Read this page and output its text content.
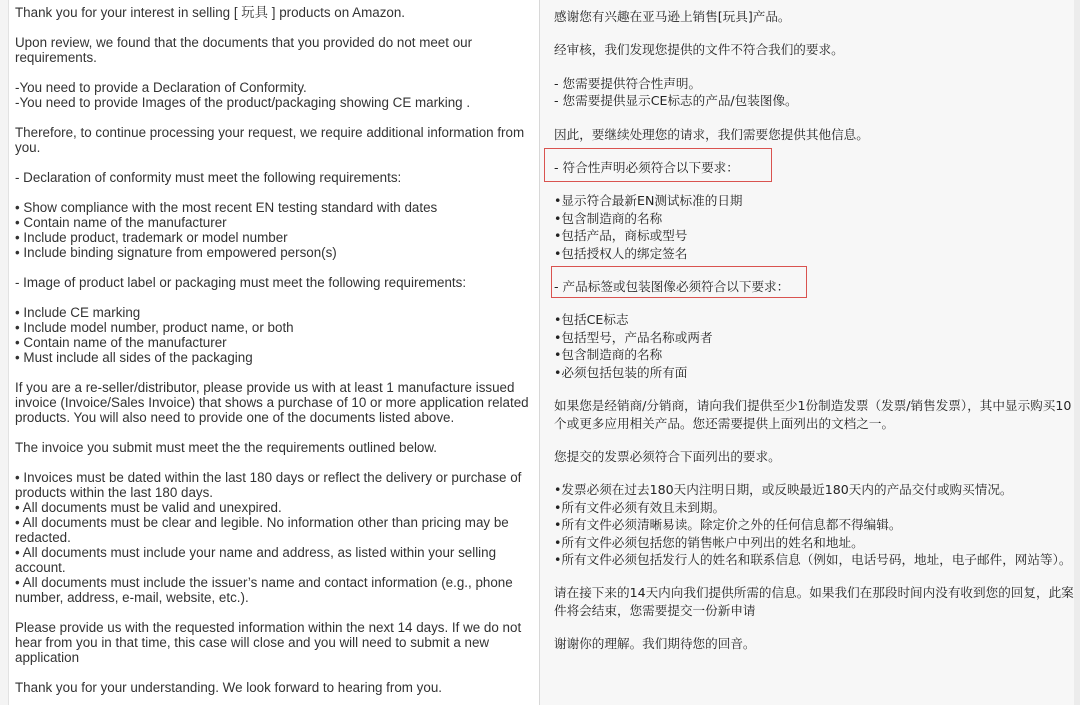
Thank you for your interest in selling [ 玩具 ] products on Amazon.
Upon review, we found that the documents that you provided do not meet our requirements.
-You need to provide a Declaration of Conformity.
-You need to provide Images of the product/packaging showing CE marking .
Therefore, to continue processing your request, we require additional information from you.
- Declaration of conformity must meet the following requirements:
• Show compliance with the most recent EN testing standard with dates
• Contain name of the manufacturer
• Include product, trademark or model number
• Include binding signature from empowered person(s)
- Image of product label or packaging must meet the following requirements:
• Include CE marking
• Include model number, product name, or both
• Contain name of the manufacturer
• Must include all sides of the packaging
If you are a re-seller/distributor, please provide us with at least 1 manufacture issued invoice (Invoice/Sales Invoice) that shows a purchase of 10 or more application related products. You will also need to provide one of the documents listed above.
The invoice you submit must meet the the requirements outlined below.
• Invoices must be dated within the last 180 days or reflect the delivery or purchase of products within the last 180 days.
• All documents must be valid and unexpired.
• All documents must be clear and legible. No information other than pricing may be redacted.
• All documents must include your name and address, as listed within your selling account.
• All documents must include the issuer’s name and contact information (e.g., phone number, address, e-mail, website, etc.).
Please provide us with the requested information within the next 14 days. If we do not hear from you in that time, this case will close and you will need to submit a new application
Thank you for your understanding. We look forward to hearing from you.
感谢您有兴趣在亚马逊上销售[玩具]产品。
经审核，我们发现您提供的文件不符合我们的要求。
- 您需要提供符合性声明。
- 您需要提供显示CE标志的产品/包装图像。
因此，要继续处理您的请求，我们需要您提供其他信息。
- 符合性声明必须符合以下要求：
•显示符合最新EN测试标准的日期
•包含制造商的名称
•包括产品，商标或型号
•包括授权人的绑定签名
- 产品标签或包装图像必须符合以下要求：
•包括CE标志
•包括型号，产品名称或两者
•包含制造商的名称
•必须包括包装的所有面
如果您是经销商/分销商，请向我们提供至少1份制造发票（发票/销售发票），其中显示购买10个或更多应用相关产品。您还需要提供上面列出的文档之一。
您提交的发票必须符合下面列出的要求。
•发票必须在过去180天内注明日期，或反映最近180天内的产品交付或购买情况。
•所有文件必须有效且未到期。
•所有文件必须清晰易读。除定价之外的任何信息都不得编辑。
•所有文件必须包括您的销售帐户中列出的姓名和地址。
•所有文件必须包括发行人的姓名和联系信息（例如，电话号码，地址，电子邮件，网站等）。
请在接下来的14天内向我们提供所需的信息。如果我们在那段时间内没有收到您的回复，此案件将会结束，您需要提交一份新申请
谢谢你的理解。我们期待您的回音。
